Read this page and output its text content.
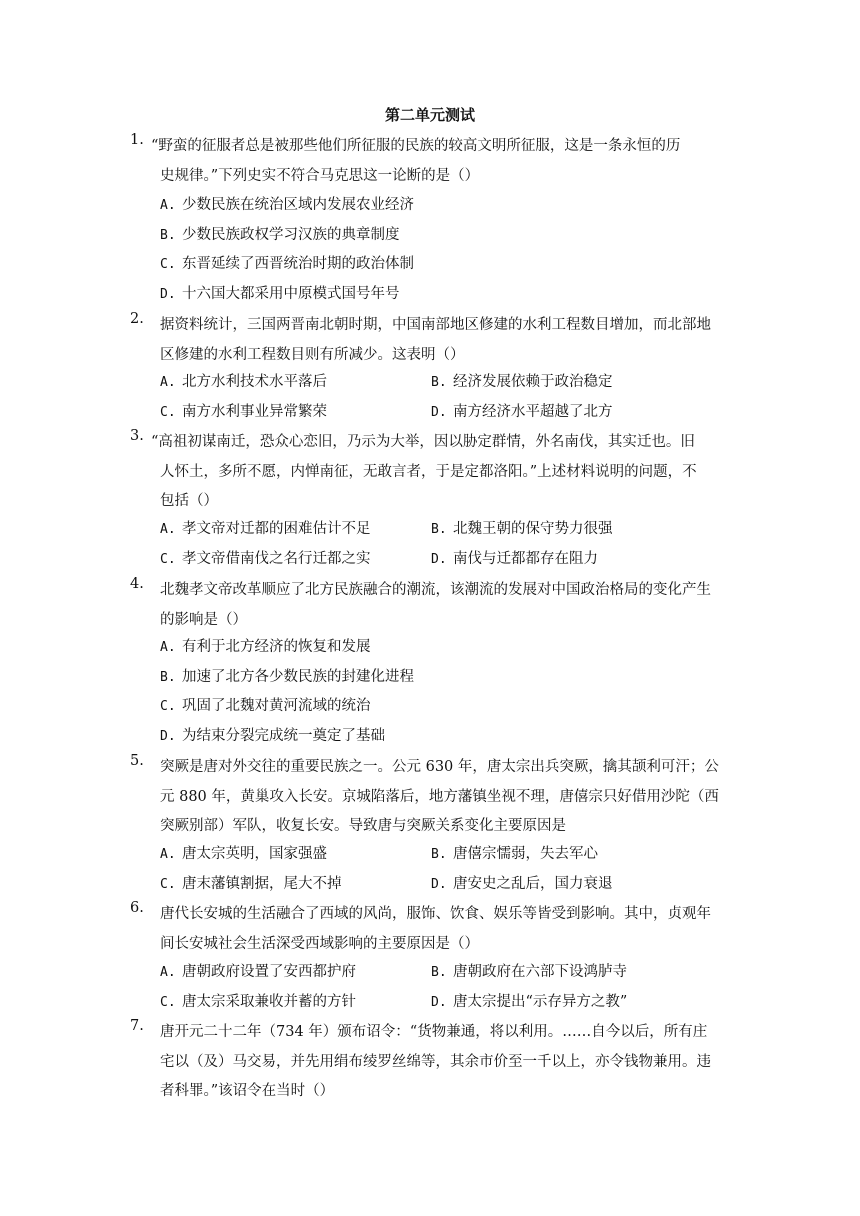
第二单元测试
1. “野蛮的征服者总是被那些他们所征服的民族的较高文明所征服，这是一条永恒的历
史规律。”下列史实不符合马克思这一论断的是（）
A. 少数民族在统治区域内发展农业经济
B. 少数民族政权学习汉族的典章制度
C. 东晋延续了西晋统治时期的政治体制
D. 十六国大都采用中原模式国号年号
2. 据资料统计，三国两晋南北朝时期，中国南部地区修建的水利工程数目增加，而北部地
区修建的水利工程数目则有所减少。这表明（）
A. 北方水利技术水平落后	B. 经济发展依赖于政治稳定
C. 南方水利事业异常繁荣	D. 南方经济水平超越了北方
3. “高祖初谋南迁，恐众心恋旧，乃示为大举，因以胁定群情，外名南伐，其实迁也。旧
人怀土，多所不愿，内惮南征，无敢言者，于是定都洛阳。”上述材料说明的问题，不
包括（）
A. 孝文帝对迁都的困难估计不足	B. 北魏王朝的保守势力很强
C. 孝文帝借南伐之名行迁都之实	D. 南伐与迁都都存在阻力
4. 北魏孝文帝改革顺应了北方民族融合的潮流，该潮流的发展对中国政治格局的变化产生
的影响是（）
A. 有利于北方经济的恢复和发展
B. 加速了北方各少数民族的封建化进程
C. 巩固了北魏对黄河流域的统治
D. 为结束分裂完成统一奠定了基础
5. 突厥是唐对外交往的重要民族之一。公元 630 年，唐太宗出兵突厥，擒其颉利可汗；公
元 880 年，黄巢攻入长安。京城陷落后，地方藩镇坐视不理，唐僖宗只好借用沙陀（西
突厥别部）军队，收复长安。导致唐与突厥关系变化主要原因是
A. 唐太宗英明，国家强盛	B. 唐僖宗懦弱，失去军心
C. 唐末藩镇割据，尾大不掉	D. 唐安史之乱后，国力衰退
6. 唐代长安城的生活融合了西域的风尚，服饰、饮食、娱乐等皆受到影响。其中，贞观年
间长安城社会生活深受西域影响的主要原因是（）
A. 唐朝政府设置了安西都护府	B. 唐朝政府在六部下设鸿胪寺
C. 唐太宗采取兼收并蓄的方针	D. 唐太宗提出“示存异方之教”
7. 唐开元二十二年（734 年）颁布诏令：“货物兼通，将以利用。……自今以后，所有庄
宅以（及）马交易，并先用绢布绫罗丝绵等，其余市价至一千以上，亦令钱物兼用。违
者科罪。”该诏令在当时（）
